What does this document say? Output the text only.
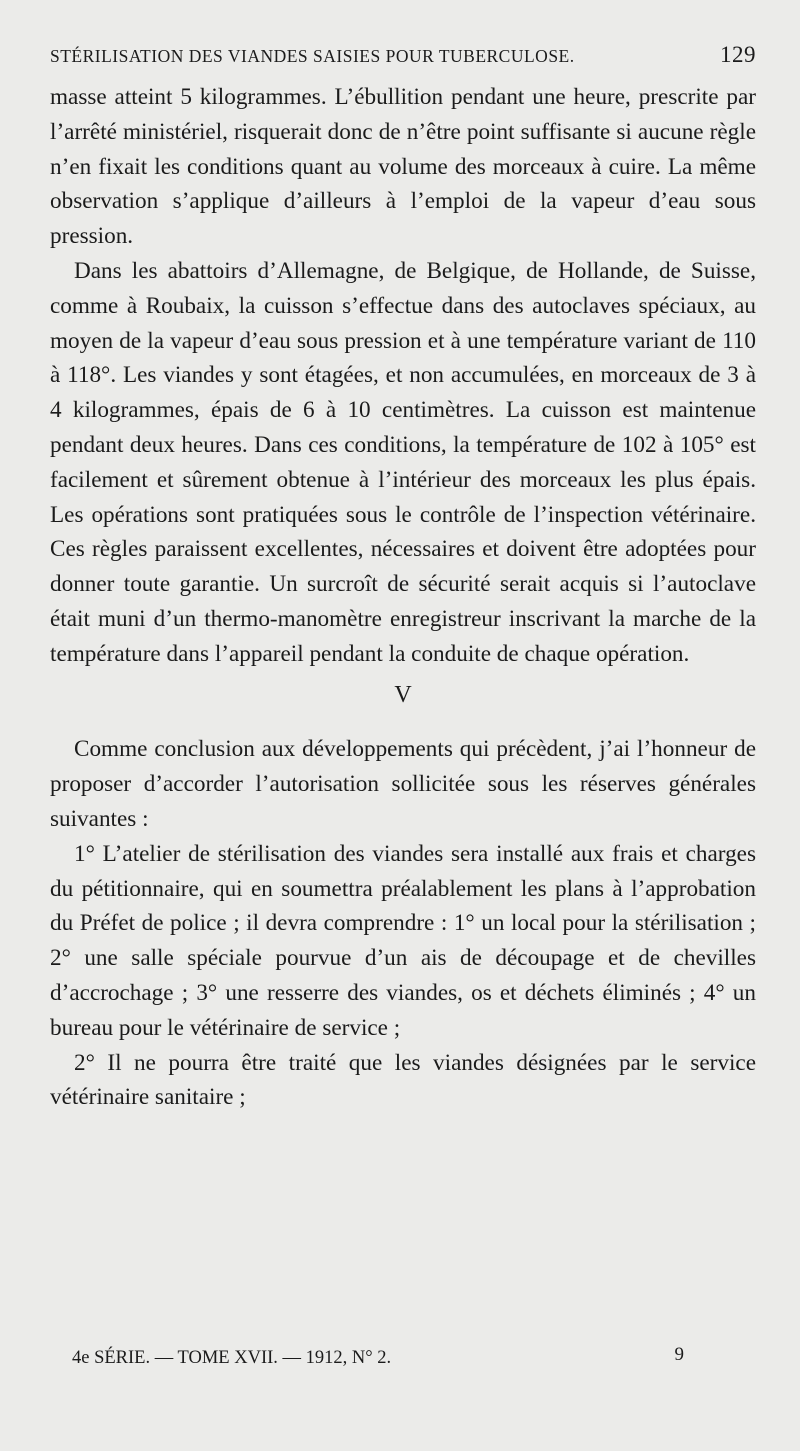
STÉRILISATION DES VIANDES SAISIES POUR TUBERCULOSE.	129

masse atteint 5 kilogrammes. L’ébullition pendant une heure, prescrite par l’arrêté ministériel, risquerait donc de n’être point suffisante si aucune règle n’en fixait les conditions quant au volume des morceaux à cuire. La même observation s’applique d’ailleurs à l’emploi de la vapeur d’eau sous pression.

Dans les abattoirs d’Allemagne, de Belgique, de Hollande, de Suisse, comme à Roubaix, la cuisson s’effectue dans des autoclaves spéciaux, au moyen de la vapeur d’eau sous pression et à une température variant de 110 à 118°. Les viandes y sont étagées, et non accumulées, en morceaux de 3 à 4 kilogrammes, épais de 6 à 10 centimètres. La cuisson est maintenue pendant deux heures. Dans ces conditions, la température de 102 à 105° est facilement et sûrement obtenue à l’intérieur des morceaux les plus épais. Les opérations sont pratiquées sous le contrôle de l’inspection vétérinaire. Ces règles paraissent excellentes, nécessaires et doivent être adoptées pour donner toute garantie. Un surcroît de sécurité serait acquis si l’autoclave était muni d’un thermo-manomètre enregistreur inscrivant la marche de la température dans l’appareil pendant la conduite de chaque opération.

V

Comme conclusion aux développements qui précèdent, j’ai l’honneur de proposer d’accorder l’autorisation sollicitée sous les réserves générales suivantes :

1° L’atelier de stérilisation des viandes sera installé aux frais et charges du pétitionnaire, qui en soumettra préalablement les plans à l’approbation du Préfet de police ; il devra comprendre : 1° un local pour la stérilisation ; 2° une salle spéciale pourvue d’un ais de découpage et de chevilles d’accrochage ; 3° une resserre des viandes, os et déchets éliminés ; 4° un bureau pour le vétérinaire de service ;

2° Il ne pourra être traité que les viandes désignées par le service vétérinaire sanitaire ;

4e SÉRIE. — TOME XVII. — 1912, N° 2.	9
